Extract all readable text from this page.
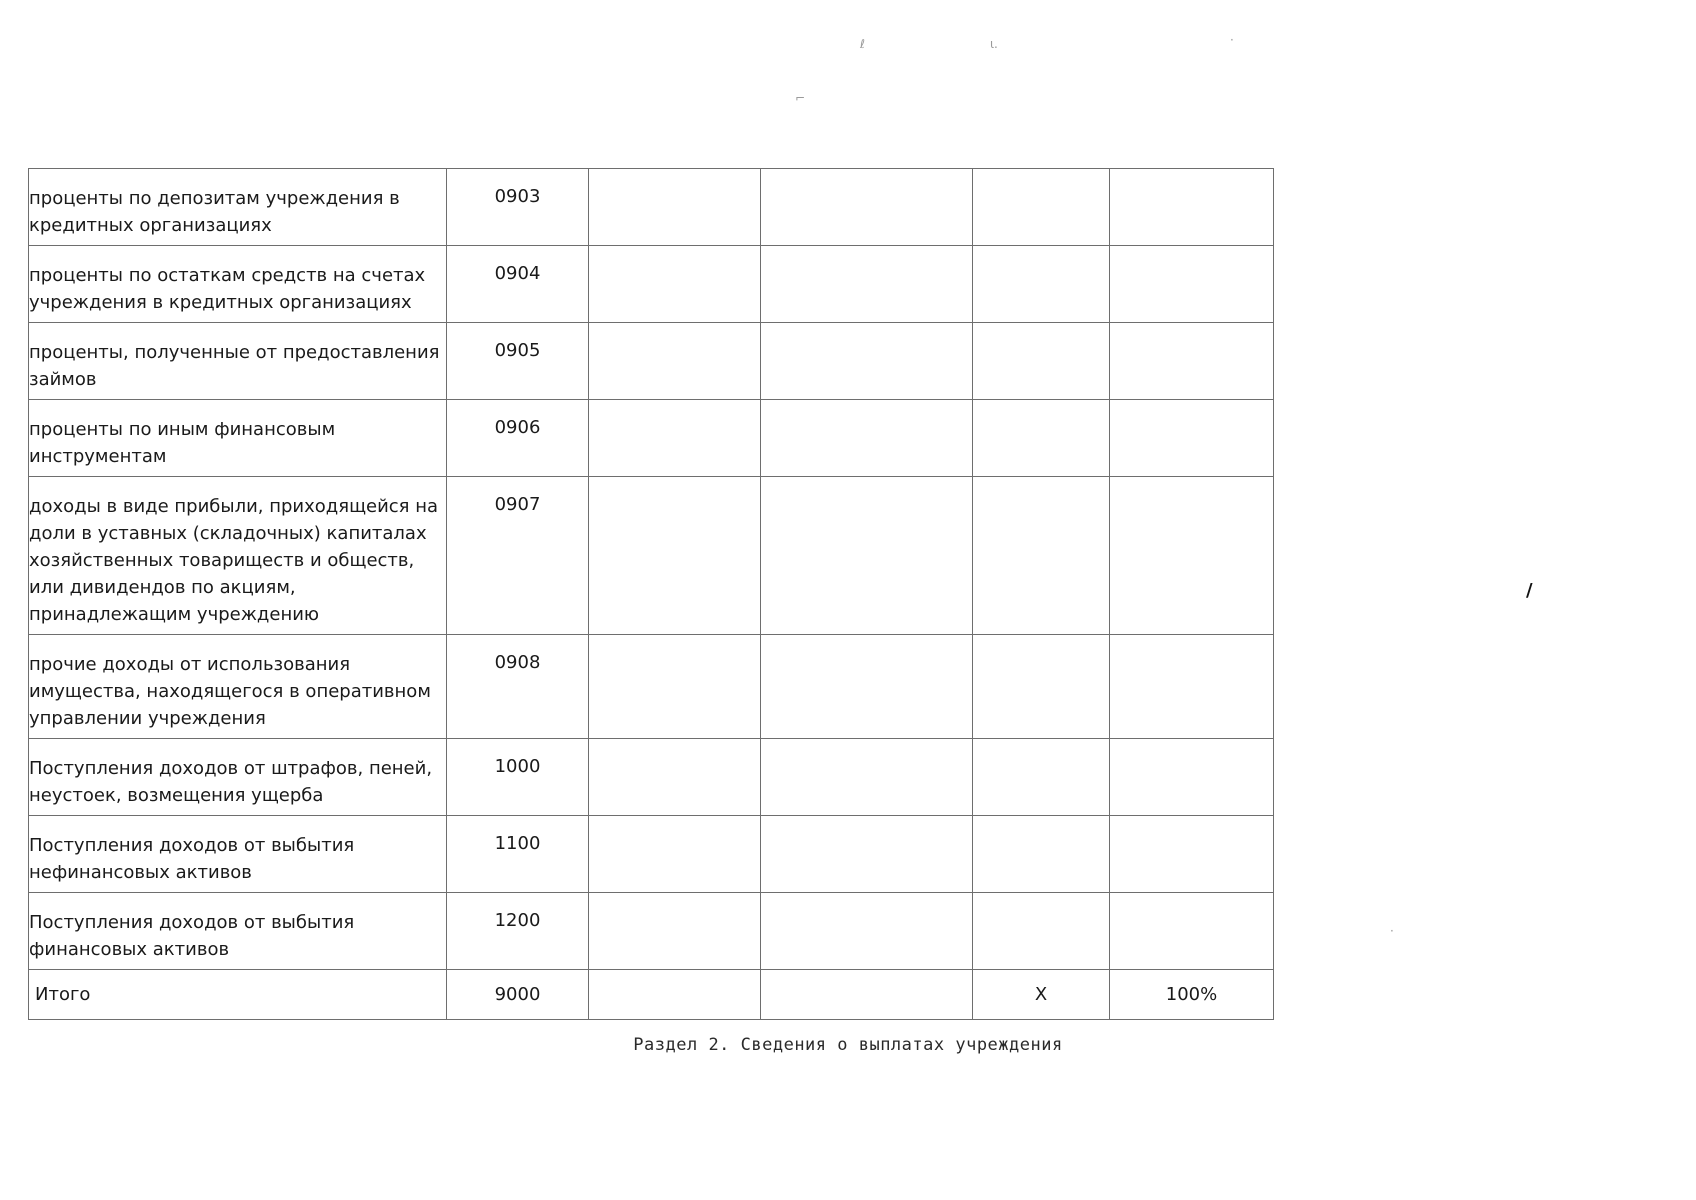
ℓ	ι.	·
⌐
/
·
проценты по депозитам учреждения в кредитных организациях	0903				
проценты по остаткам средств на счетах учреждения в кредитных организациях	0904				
проценты, полученные от предоставления займов	0905				
проценты по иным финансовым инструментам	0906				
доходы в виде прибыли, приходящейся на доли в уставных (складочных) капиталах хозяйственных товариществ и обществ, или дивидендов по акциям, принадлежащим учреждению	0907				
прочие доходы от использования имущества, находящегося в оперативном управлении учреждения	0908				
Поступления доходов от штрафов, пеней, неустоек, возмещения ущерба	1000				
Поступления доходов от выбытия нефинансовых активов	1100				
Поступления доходов от выбытия финансовых активов	1200				
Итого	9000			X	100%
Раздел 2. Сведения о выплатах учреждения
